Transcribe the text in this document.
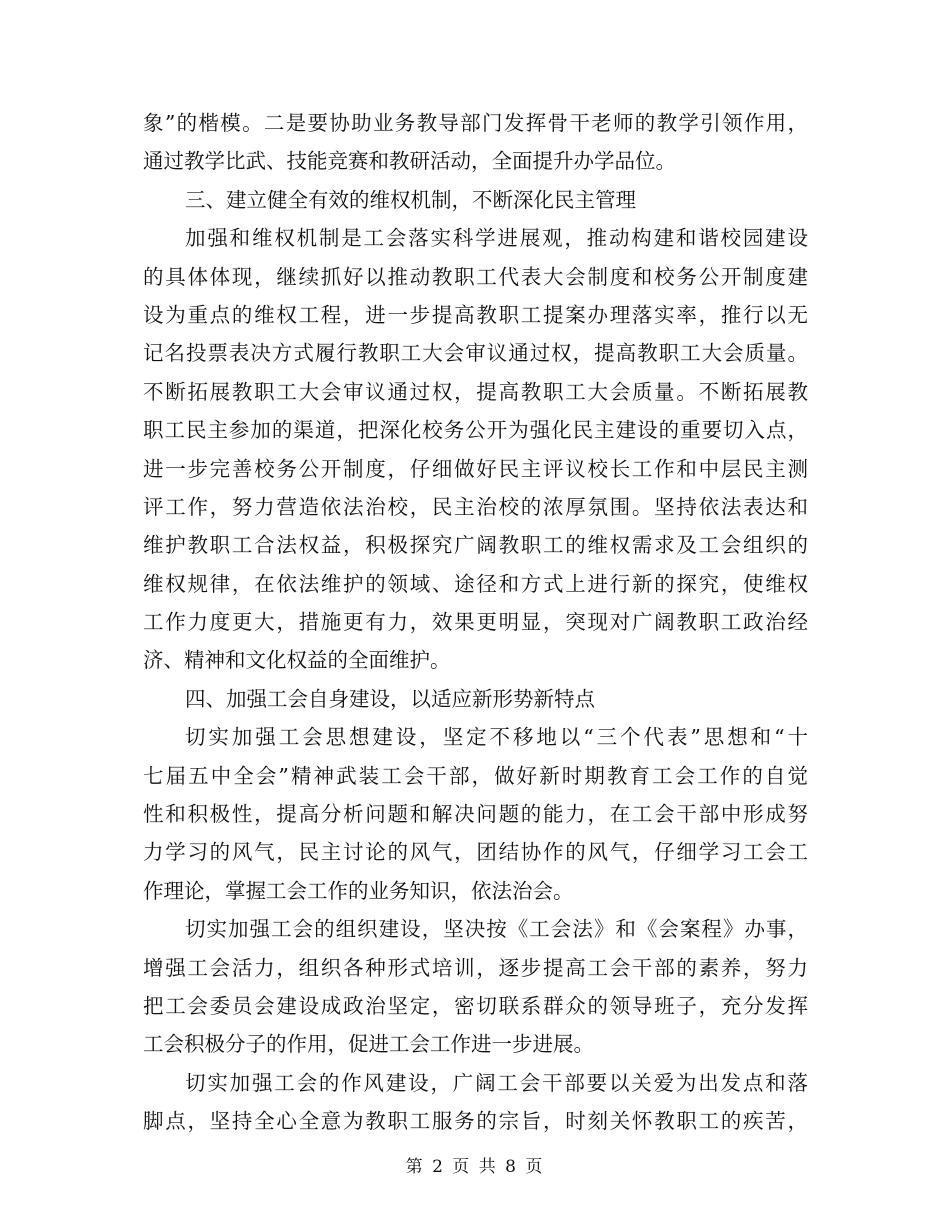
象”的楷模。二是要协助业务教导部门发挥骨干老师的教学引领作用，
通过教学比武、技能竞赛和教研活动，全面提升办学品位。
三、建立健全有效的维权机制，不断深化民主管理
加强和维权机制是工会落实科学进展观，推动构建和谐校园建设
的具体体现，继续抓好以推动教职工代表大会制度和校务公开制度建
设为重点的维权工程，进一步提高教职工提案办理落实率，推行以无
记名投票表决方式履行教职工大会审议通过权，提高教职工大会质量。
不断拓展教职工大会审议通过权，提高教职工大会质量。不断拓展教
职工民主参加的渠道，把深化校务公开为强化民主建设的重要切入点，
进一步完善校务公开制度，仔细做好民主评议校长工作和中层民主测
评工作，努力营造依法治校，民主治校的浓厚氛围。坚持依法表达和
维护教职工合法权益，积极探究广阔教职工的维权需求及工会组织的
维权规律，在依法维护的领域、途径和方式上进行新的探究，使维权
工作力度更大，措施更有力，效果更明显，突现对广阔教职工政治经
济、精神和文化权益的全面维护。
四、加强工会自身建设，以适应新形势新特点
切实加强工会思想建设，坚定不移地以“三个代表”思想和“十
七届五中全会”精神武装工会干部，做好新时期教育工会工作的自觉
性和积极性，提高分析问题和解决问题的能力，在工会干部中形成努
力学习的风气，民主讨论的风气，团结协作的风气，仔细学习工会工
作理论，掌握工会工作的业务知识，依法治会。
切实加强工会的组织建设，坚决按《工会法》和《会案程》办事，
增强工会活力，组织各种形式培训，逐步提高工会干部的素养，努力
把工会委员会建设成政治坚定，密切联系群众的领导班子，充分发挥
工会积极分子的作用，促进工会工作进一步进展。
切实加强工会的作风建设，广阔工会干部要以关爱为出发点和落
脚点，坚持全心全意为教职工服务的宗旨，时刻关怀教职工的疾苦，
第 2 页 共 8 页
